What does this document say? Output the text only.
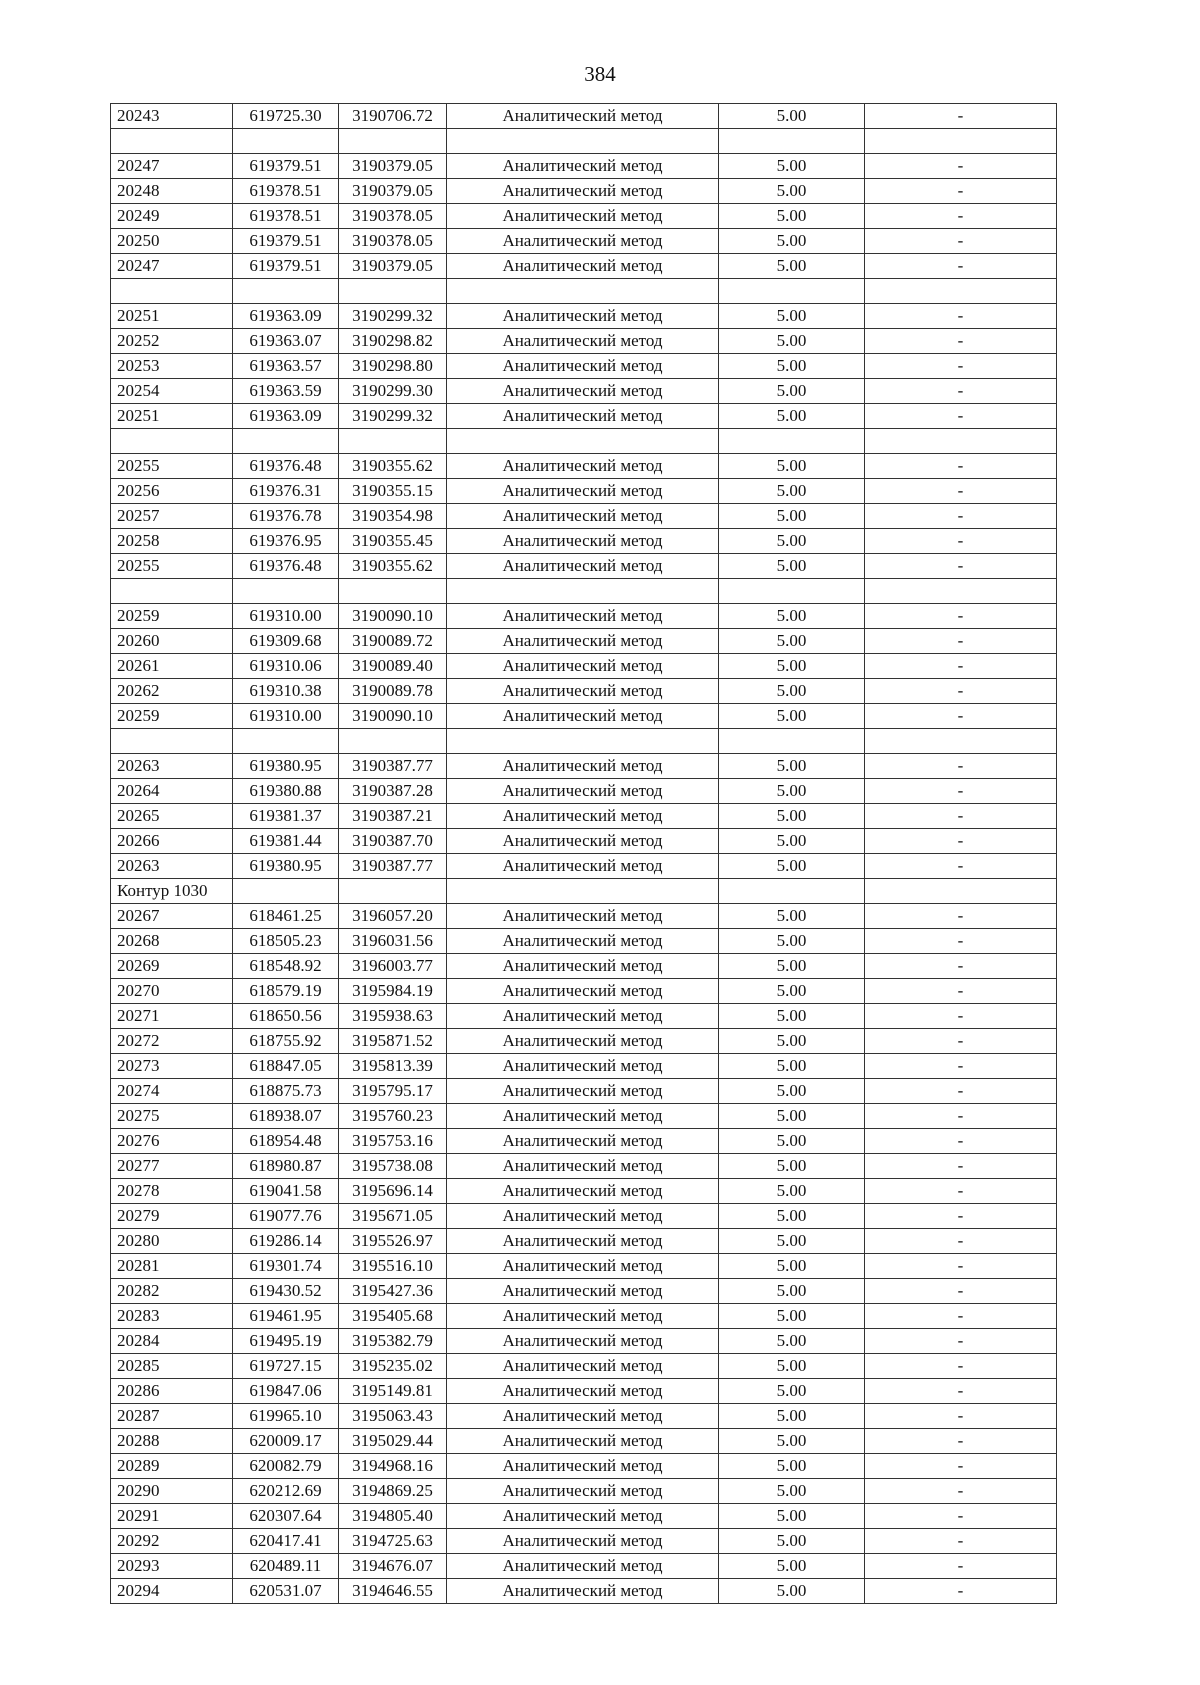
384
20243	619725.30	3190706.72	Аналитический метод	5.00	-

20247	619379.51	3190379.05	Аналитический метод	5.00	-
20248	619378.51	3190379.05	Аналитический метод	5.00	-
20249	619378.51	3190378.05	Аналитический метод	5.00	-
20250	619379.51	3190378.05	Аналитический метод	5.00	-
20247	619379.51	3190379.05	Аналитический метод	5.00	-

20251	619363.09	3190299.32	Аналитический метод	5.00	-
20252	619363.07	3190298.82	Аналитический метод	5.00	-
20253	619363.57	3190298.80	Аналитический метод	5.00	-
20254	619363.59	3190299.30	Аналитический метод	5.00	-
20251	619363.09	3190299.32	Аналитический метод	5.00	-

20255	619376.48	3190355.62	Аналитический метод	5.00	-
20256	619376.31	3190355.15	Аналитический метод	5.00	-
20257	619376.78	3190354.98	Аналитический метод	5.00	-
20258	619376.95	3190355.45	Аналитический метод	5.00	-
20255	619376.48	3190355.62	Аналитический метод	5.00	-

20259	619310.00	3190090.10	Аналитический метод	5.00	-
20260	619309.68	3190089.72	Аналитический метод	5.00	-
20261	619310.06	3190089.40	Аналитический метод	5.00	-
20262	619310.38	3190089.78	Аналитический метод	5.00	-
20259	619310.00	3190090.10	Аналитический метод	5.00	-

20263	619380.95	3190387.77	Аналитический метод	5.00	-
20264	619380.88	3190387.28	Аналитический метод	5.00	-
20265	619381.37	3190387.21	Аналитический метод	5.00	-
20266	619381.44	3190387.70	Аналитический метод	5.00	-
20263	619380.95	3190387.77	Аналитический метод	5.00	-
Контур 1030					
20267	618461.25	3196057.20	Аналитический метод	5.00	-
20268	618505.23	3196031.56	Аналитический метод	5.00	-
20269	618548.92	3196003.77	Аналитический метод	5.00	-
20270	618579.19	3195984.19	Аналитический метод	5.00	-
20271	618650.56	3195938.63	Аналитический метод	5.00	-
20272	618755.92	3195871.52	Аналитический метод	5.00	-
20273	618847.05	3195813.39	Аналитический метод	5.00	-
20274	618875.73	3195795.17	Аналитический метод	5.00	-
20275	618938.07	3195760.23	Аналитический метод	5.00	-
20276	618954.48	3195753.16	Аналитический метод	5.00	-
20277	618980.87	3195738.08	Аналитический метод	5.00	-
20278	619041.58	3195696.14	Аналитический метод	5.00	-
20279	619077.76	3195671.05	Аналитический метод	5.00	-
20280	619286.14	3195526.97	Аналитический метод	5.00	-
20281	619301.74	3195516.10	Аналитический метод	5.00	-
20282	619430.52	3195427.36	Аналитический метод	5.00	-
20283	619461.95	3195405.68	Аналитический метод	5.00	-
20284	619495.19	3195382.79	Аналитический метод	5.00	-
20285	619727.15	3195235.02	Аналитический метод	5.00	-
20286	619847.06	3195149.81	Аналитический метод	5.00	-
20287	619965.10	3195063.43	Аналитический метод	5.00	-
20288	620009.17	3195029.44	Аналитический метод	5.00	-
20289	620082.79	3194968.16	Аналитический метод	5.00	-
20290	620212.69	3194869.25	Аналитический метод	5.00	-
20291	620307.64	3194805.40	Аналитический метод	5.00	-
20292	620417.41	3194725.63	Аналитический метод	5.00	-
20293	620489.11	3194676.07	Аналитический метод	5.00	-
20294	620531.07	3194646.55	Аналитический метод	5.00	-
